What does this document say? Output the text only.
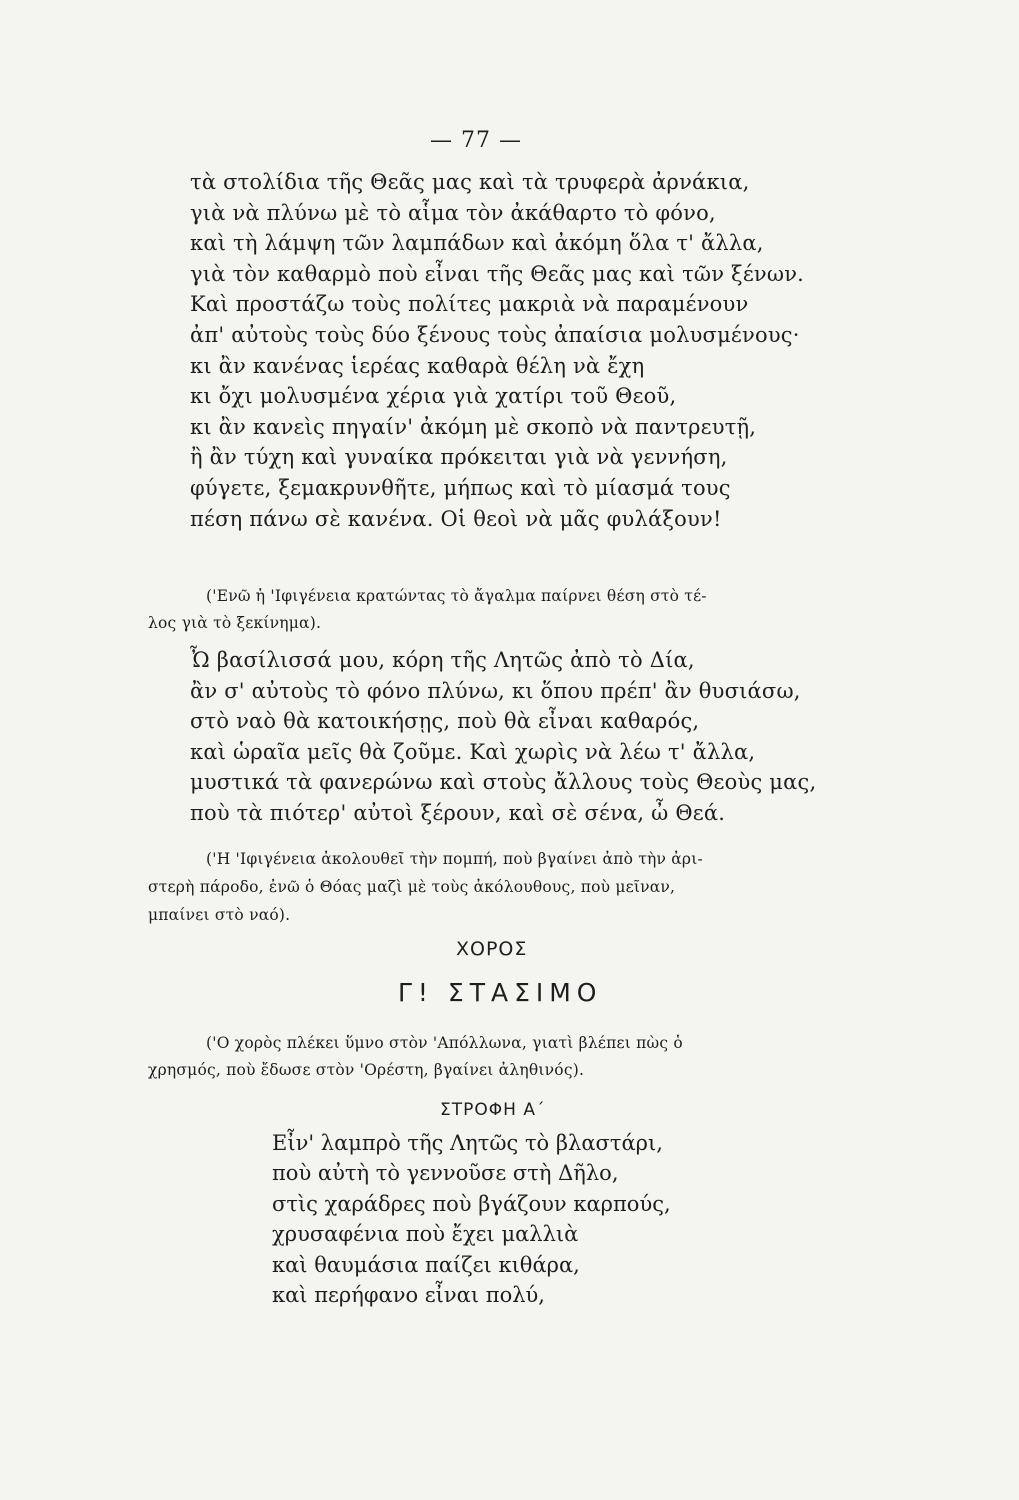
— 77 —
τὰ στολίδια τῆς Θεᾶς μας καὶ τὰ τρυφερὰ ἀρνάκια,
γιὰ νὰ πλύνω μὲ τὸ αἷμα τὸν ἀκάθαρτο τὸ φόνο,
καὶ τὴ λάμψη τῶν λαμπάδων καὶ ἀκόμη ὅλα τ' ἄλλα,
γιὰ τὸν καθαρμὸ ποὺ εἶναι τῆς Θεᾶς μας καὶ τῶν ξένων.
Καὶ προστάζω τοὺς πολίτες μακριὰ νὰ παραμένουν
ἀπ' αὐτοὺς τοὺς δύο ξένους τοὺς ἀπαίσια μολυσμένους·
κι ἂν κανένας ἱερέας καθαρὰ θέλη νὰ ἔχη
κι ὄχι μολυσμένα χέρια γιὰ χατίρι τοῦ Θεοῦ,
κι ἂν κανεὶς πηγαίν' ἀκόμη μὲ σκοπὸ νὰ παντρευτῇ,
ἢ ἂν τύχη καὶ γυναίκα πρόκειται γιὰ νὰ γεννήση,
φύγετε, ξεμακρυνθῆτε, μήπως καὶ τὸ μίασμά τους
πέση πάνω σὲ κανένα. Οἱ θεοὶ νὰ μᾶς φυλάξουν!
('Ενῶ ἡ 'Ιφιγένεια κρατώντας τὸ ἄγαλμα παίρνει θέση στὸ τέ-
λος γιὰ τὸ ξεκίνημα).
Ὦ βασίλισσά μου, κόρη τῆς Λητῶς ἀπὸ τὸ Δία,
ἂν σ' αὐτοὺς τὸ φόνο πλύνω, κι ὅπου πρέπ' ἂν θυσιάσω,
στὸ ναὸ θὰ κατοικήσῃς, ποὺ θὰ εἶναι καθαρός,
καὶ ὡραῖα μεῖς θὰ ζοῦμε. Καὶ χωρὶς νὰ λέω τ' ἄλλα,
μυστικά τὰ φανερώνω καὶ στοὺς ἄλλους τοὺς Θεοὺς μας,
ποὺ τὰ πιότερ' αὐτοὶ ξέρουν, καὶ σὲ σένα, ὦ Θεά.
('Η 'Ιφιγένεια ἀκολουθεῖ τὴν πομπή, ποὺ βγαίνει ἀπὸ τὴν ἀρι-
στερὴ πάροδο, ἐνῶ ὁ Θόας μαζὶ μὲ τοὺς ἀκόλουθους, ποὺ μεῖναν,
μπαίνει στὸ ναό).
ΧΟΡΟΣ
Γ! ΣΤΑΣΙΜΟ
('Ο χορὸς πλέκει ὕμνο στὸν 'Απόλλωνα, γιατὶ βλέπει πὼς ὁ
χρησμός, ποὺ ἔδωσε στὸν 'Ορέστη, βγαίνει ἀληθινός).
ΣΤΡΟΦΗ Α΄
Εἶν' λαμπρὸ τῆς Λητῶς τὸ βλαστάρι,
ποὺ αὐτὴ τὸ γεννοῦσε στὴ Δῆλο,
στὶς χαράδρες ποὺ βγάζουν καρπούς,
χρυσαφένια ποὺ ἔχει μαλλιὰ
καὶ θαυμάσια παίζει κιθάρα,
καὶ περήφανο εἶναι πολύ,
